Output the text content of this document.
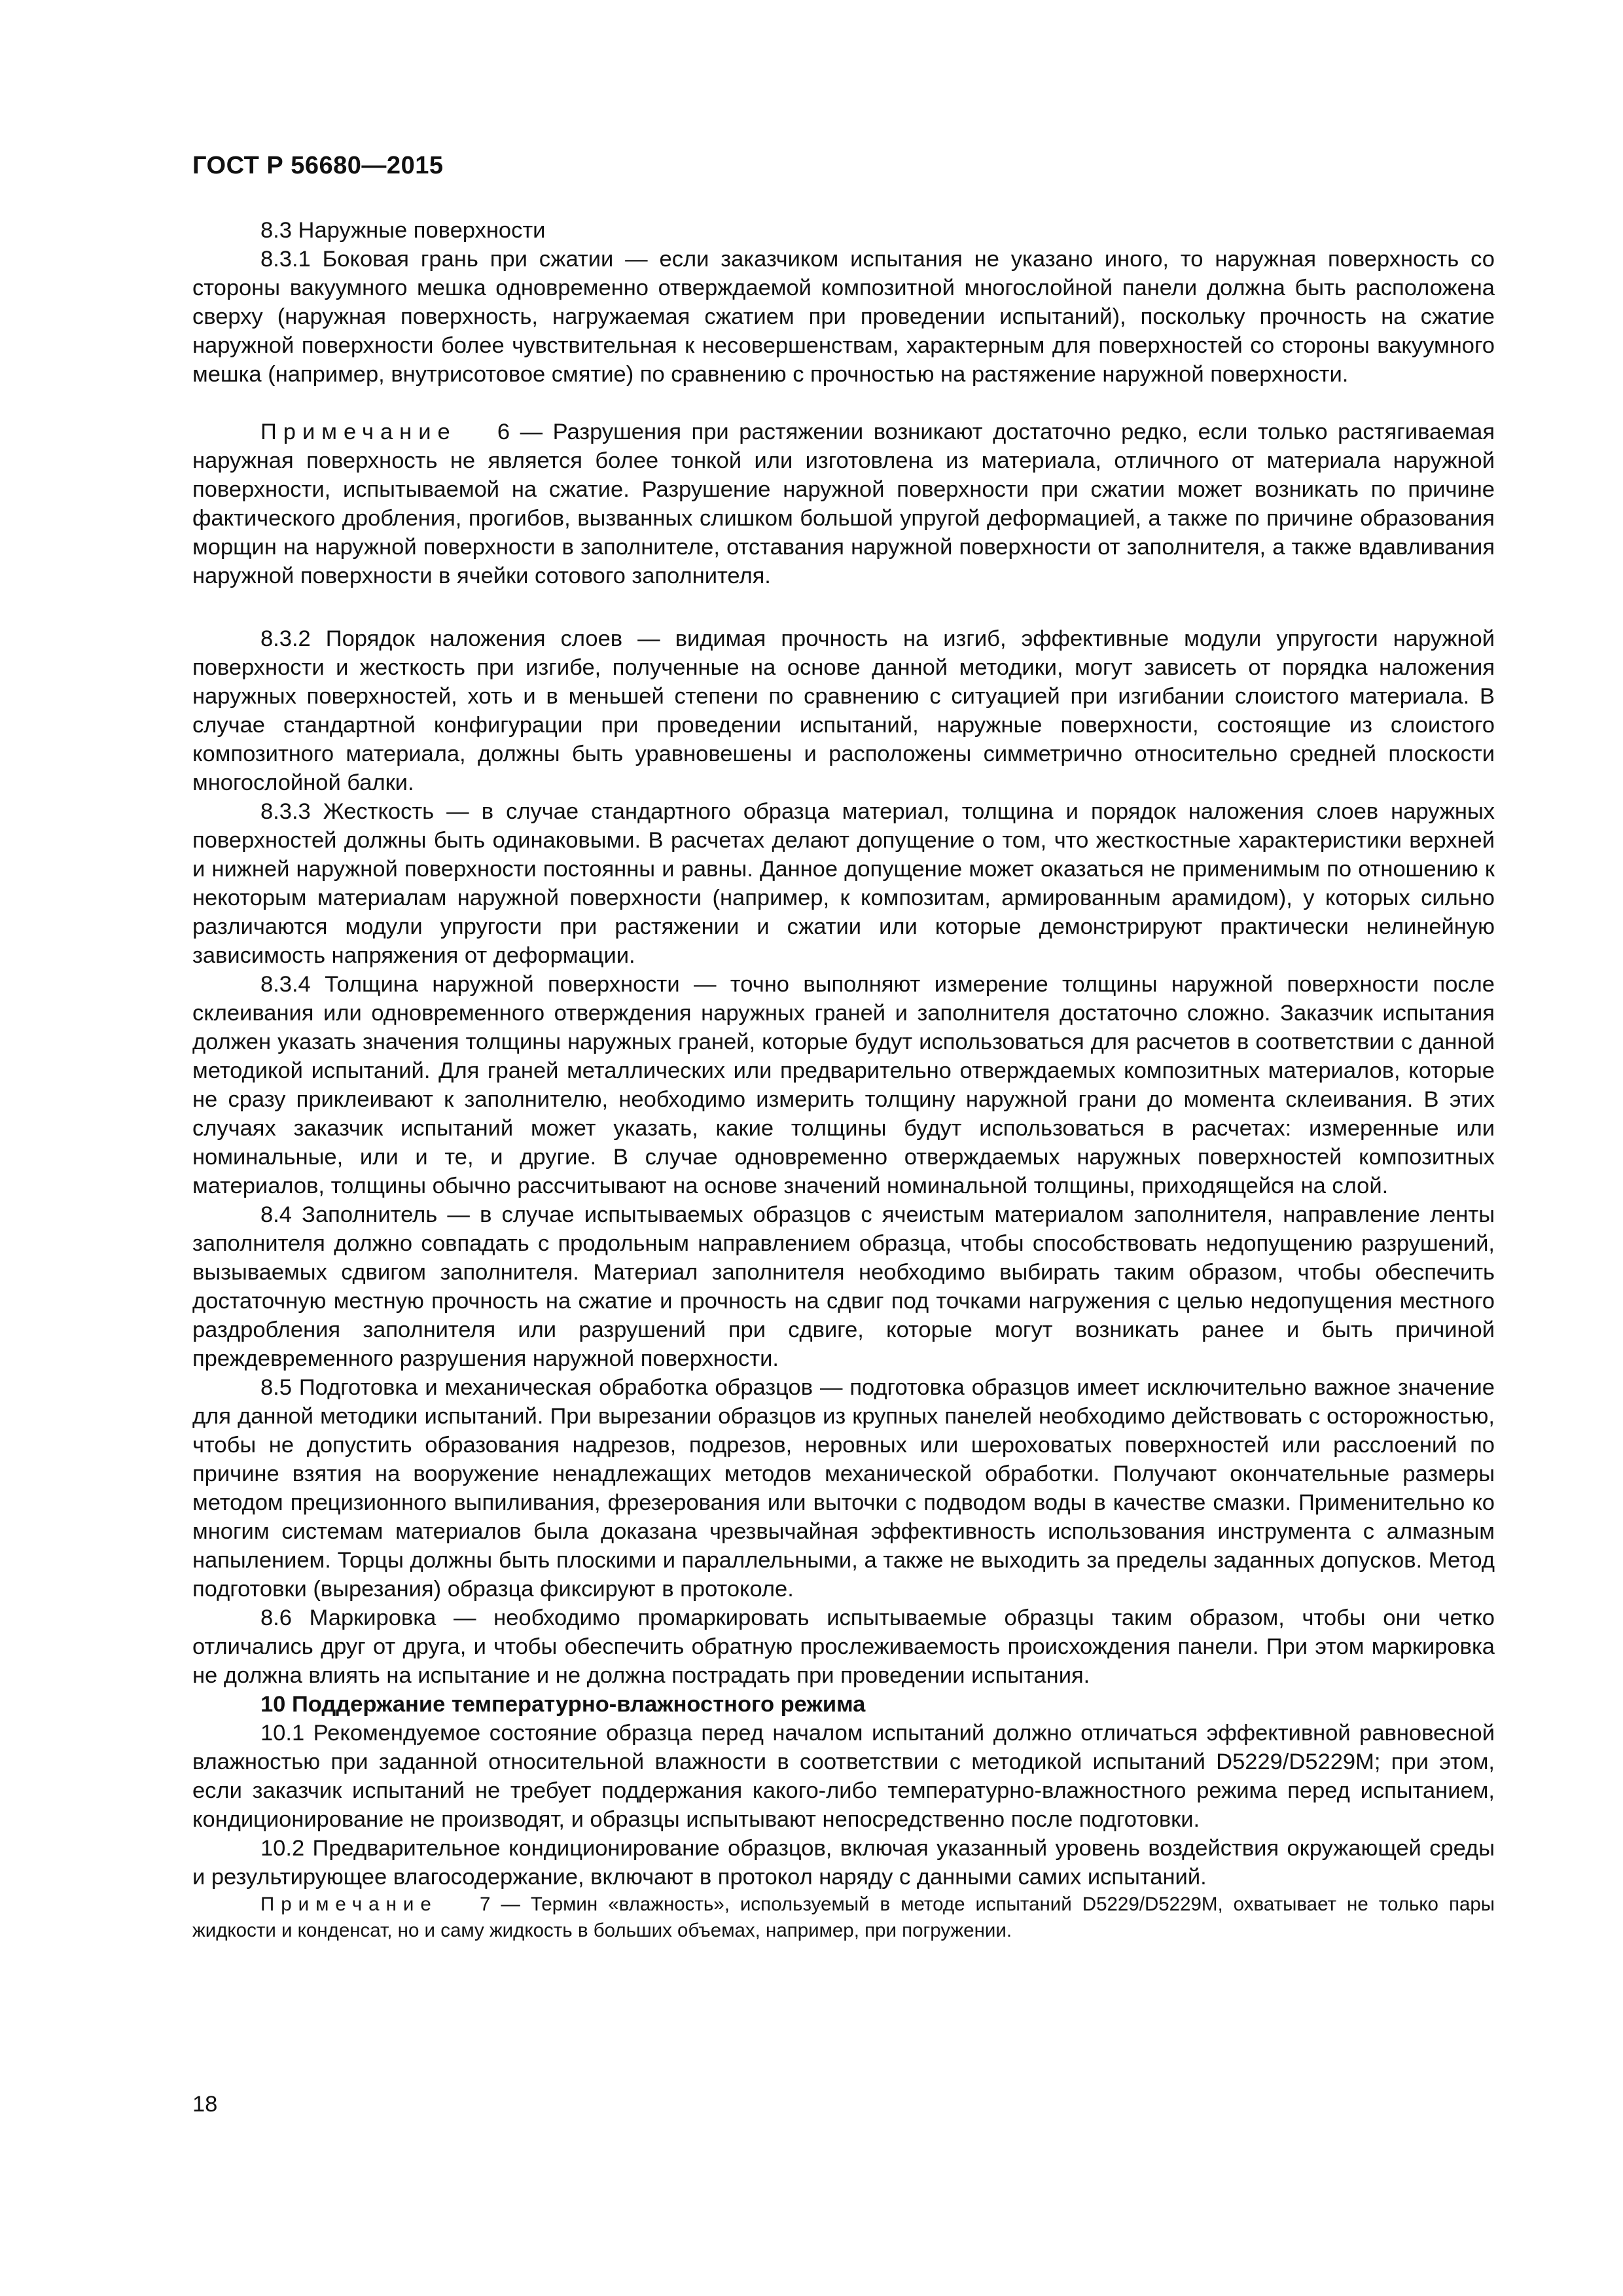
ГОСТ Р 56680—2015

8.3 Наружные поверхности

8.3.1 Боковая грань при сжатии — если заказчиком испытания не указано иного, то наружная поверхность со стороны вакуумного мешка одновременно отверждаемой композитной многослойной панели должна быть расположена сверху (наружная поверхность, нагружаемая сжатием при проведении испытаний), поскольку прочность на сжатие наружной поверхности более чувствительная к несовершенствам, характерным для поверхностей со стороны вакуумного мешка (например, внутрисотовое смятие) по сравнению с прочностью на растяжение наружной поверхности.

Примечание 6 — Разрушения при растяжении возникают достаточно редко, если только растягиваемая наружная поверхность не является более тонкой или изготовлена из материала, отличного от материала наружной поверхности, испытываемой на сжатие. Разрушение наружной поверхности при сжатии может возникать по причине фактического дробления, прогибов, вызванных слишком большой упругой деформацией, а также по причине образования морщин на наружной поверхности в заполнителе, отставания наружной поверхности от заполнителя, а также вдавливания наружной поверхности в ячейки сотового заполнителя.

8.3.2 Порядок наложения слоев — видимая прочность на изгиб, эффективные модули упругости наружной поверхности и жесткость при изгибе, полученные на основе данной методики, могут зависеть от порядка наложения наружных поверхностей, хоть и в меньшей степени по сравнению с ситуацией при изгибании слоистого материала. В случае стандартной конфигурации при проведении испытаний, наружные поверхности, состоящие из слоистого композитного материала, должны быть уравновешены и расположены симметрично относительно средней плоскости многослойной балки.

8.3.3 Жесткость — в случае стандартного образца материал, толщина и порядок наложения слоев наружных поверхностей должны быть одинаковыми. В расчетах делают допущение о том, что жесткостные характеристики верхней и нижней наружной поверхности постоянны и равны. Данное допущение может оказаться не применимым по отношению к некоторым материалам наружной поверхности (например, к композитам, армированным арамидом), у которых сильно различаются модули упругости при растяжении и сжатии или которые демонстрируют практически нелинейную зависимость напряжения от деформации.

8.3.4 Толщина наружной поверхности — точно выполняют измерение толщины наружной поверхности после склеивания или одновременного отверждения наружных граней и заполнителя достаточно сложно. Заказчик испытания должен указать значения толщины наружных граней, которые будут использоваться для расчетов в соответствии с данной методикой испытаний. Для граней металлических или предварительно отверждаемых композитных материалов, которые не сразу приклеивают к заполнителю, необходимо измерить толщину наружной грани до момента склеивания. В этих случаях заказчик испытаний может указать, какие толщины будут использоваться в расчетах: измеренные или номинальные, или и те, и другие. В случае одновременно отверждаемых наружных поверхностей композитных материалов, толщины обычно рассчитывают на основе значений номинальной толщины, приходящейся на слой.

8.4 Заполнитель — в случае испытываемых образцов с ячеистым материалом заполнителя, направление ленты заполнителя должно совпадать с продольным направлением образца, чтобы способствовать недопущению разрушений, вызываемых сдвигом заполнителя. Материал заполнителя необходимо выбирать таким образом, чтобы обеспечить достаточную местную прочность на сжатие и прочность на сдвиг под точками нагружения с целью недопущения местного раздробления заполнителя или разрушений при сдвиге, которые могут возникать ранее и быть причиной преждевременного разрушения наружной поверхности.

8.5 Подготовка и механическая обработка образцов — подготовка образцов имеет исключительно важное значение для данной методики испытаний. При вырезании образцов из крупных панелей необходимо действовать с осторожностью, чтобы не допустить образования надрезов, подрезов, неровных или шероховатых поверхностей или расслоений по причине взятия на вооружение ненадлежащих методов механической обработки. Получают окончательные размеры методом прецизионного выпиливания, фрезерования или выточки с подводом воды в качестве смазки. Применительно ко многим системам материалов была доказана чрезвычайная эффективность использования инструмента с алмазным напылением. Торцы должны быть плоскими и параллельными, а также не выходить за пределы заданных допусков. Метод подготовки (вырезания) образца фиксируют в протоколе.

8.6 Маркировка — необходимо промаркировать испытываемые образцы таким образом, чтобы они четко отличались друг от друга, и чтобы обеспечить обратную прослеживаемость происхождения панели. При этом маркировка не должна влиять на испытание и не должна пострадать при проведении испытания.

10 Поддержание температурно-влажностного режима

10.1 Рекомендуемое состояние образца перед началом испытаний должно отличаться эффективной равновесной влажностью при заданной относительной влажности в соответствии с методикой испытаний D5229/D5229M; при этом, если заказчик испытаний не требует поддержания какого-либо температурно-влажностного режима перед испытанием, кондиционирование не производят, и образцы испытывают непосредственно после подготовки.

10.2 Предварительное кондиционирование образцов, включая указанный уровень воздействия окружающей среды и результирующее влагосодержание, включают в протокол наряду с данными самих испытаний.

Примечание 7 — Термин «влажность», используемый в методе испытаний D5229/D5229M, охватывает не только пары жидкости и конденсат, но и саму жидкость в больших объемах, например, при погружении.

18
